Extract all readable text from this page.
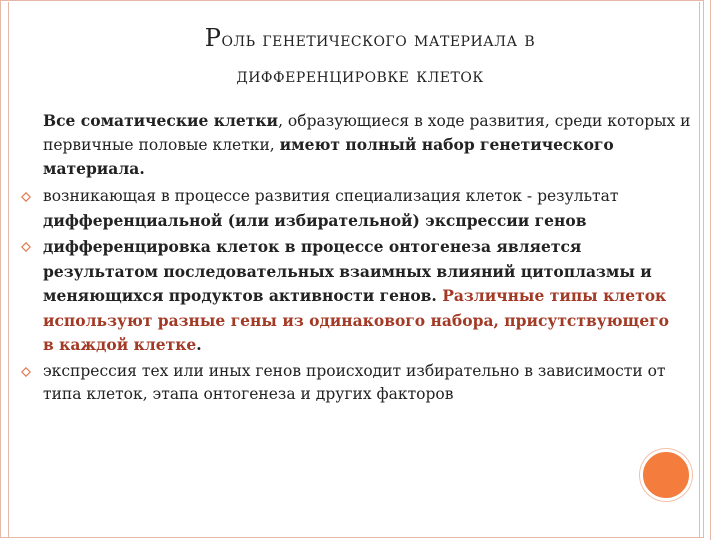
Роль генетического материала в
дифференцировке клеток
Все соматические клетки, образующиеся в ходе развития, среди которых и первичные половые клетки, имеют полный набор генетического материала.
возникающая в процессе развития специализация клеток - результат дифференциальной (или избирательной) экспрессии генов
дифференцировка клеток в процессе онтогенеза является результатом последовательных взаимных влияний цитоплазмы и меняющихся продуктов активности генов. Различные типы клеток используют разные гены из одинакового набора, присутствующего в каждой клетке.
экспрессия тех или иных генов происходит избирательно в зависимости от типа клеток, этапа онтогенеза и других факторов
